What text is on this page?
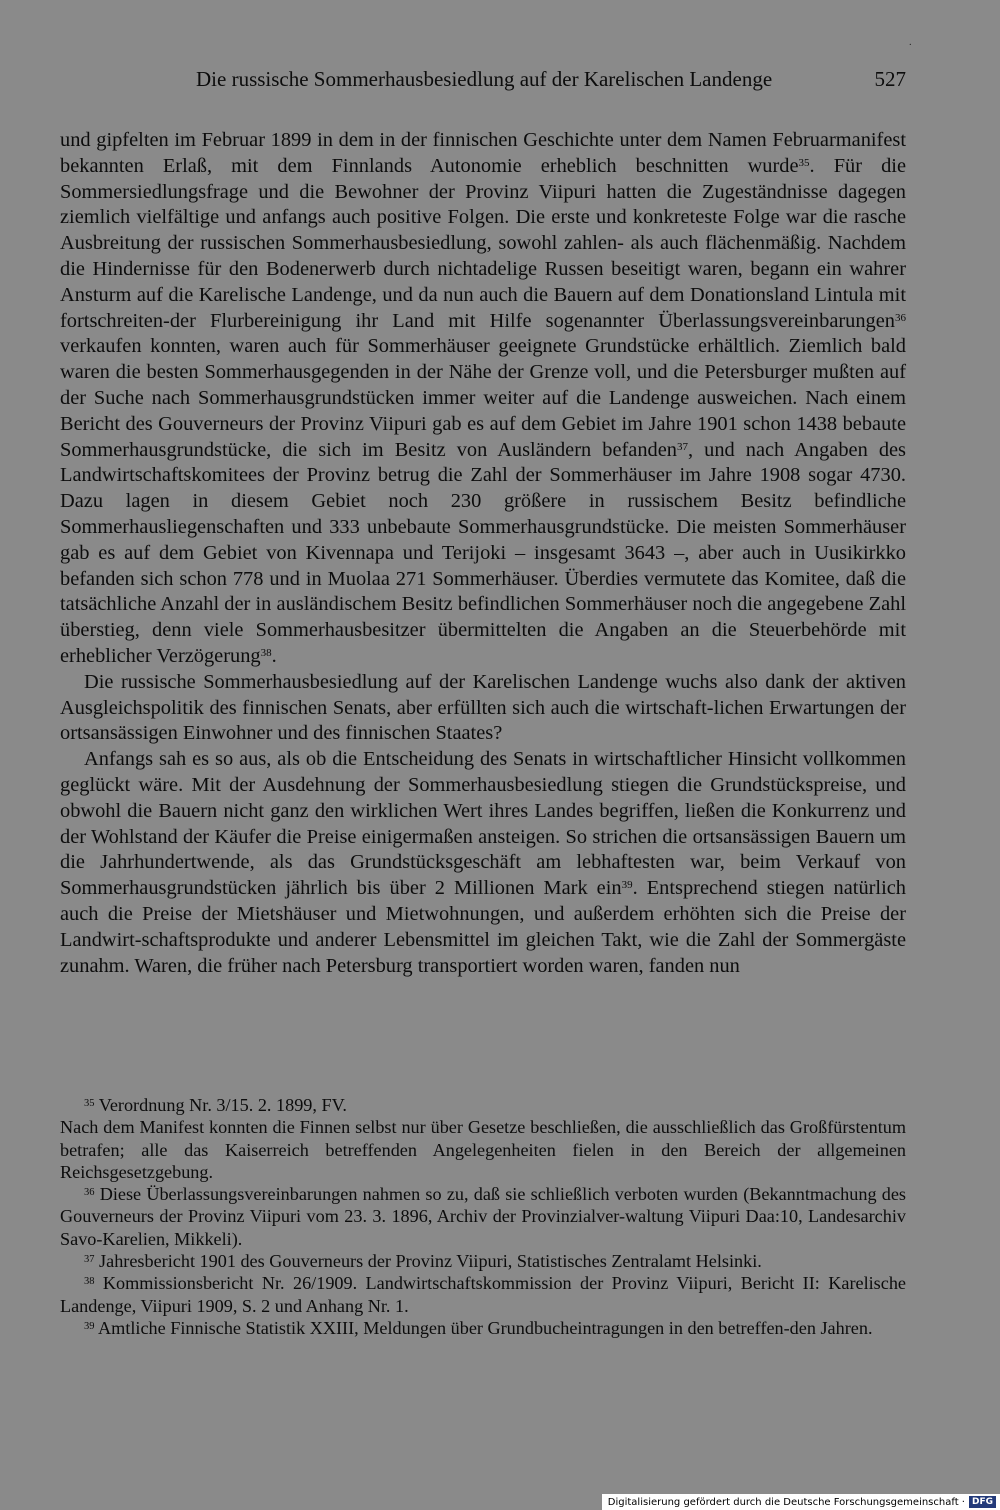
·
Die russische Sommerhausbesiedlung auf der Karelischen Landenge	527

und gipfelten im Februar 1899 in dem in der finnischen Geschichte unter dem Namen Februarmanifest bekannten Erlaß, mit dem Finnlands Autonomie erheblich beschnitten wurde$^{35}$. Für die Sommersiedlungsfrage und die Bewohner der Provinz Viipuri hatten die Zugeständnisse dagegen ziemlich vielfältige und anfangs auch positive Folgen. Die erste und konkreteste Folge war die rasche Ausbreitung der russischen Sommerhausbesiedlung, sowohl zahlen- als auch flächenmäßig. Nachdem die Hindernisse für den Bodenerwerb durch nichtadelige Russen beseitigt waren, begann ein wahrer Ansturm auf die Karelische Landenge, und da nun auch die Bauern auf dem Donationsland Lintula mit fortschreiten-der Flurbereinigung ihr Land mit Hilfe sogenannter Überlassungsvereinbarungen$^{36}$ verkaufen konnten, waren auch für Sommerhäuser geeignete Grundstücke erhältlich. Ziemlich bald waren die besten Sommerhausgegenden in der Nähe der Grenze voll, und die Petersburger mußten auf der Suche nach Sommerhausgrundstücken immer weiter auf die Landenge ausweichen. Nach einem Bericht des Gouverneurs der Provinz Viipuri gab es auf dem Gebiet im Jahre 1901 schon 1438 bebaute Sommerhausgrundstücke, die sich im Besitz von Ausländern befanden$^{37}$, und nach Angaben des Landwirtschaftskomitees der Provinz betrug die Zahl der Sommerhäuser im Jahre 1908 sogar 4730. Dazu lagen in diesem Gebiet noch 230 größere in russischem Besitz befindliche Sommerhausliegenschaften und 333 unbebaute Sommerhausgrundstücke. Die meisten Sommerhäuser gab es auf dem Gebiet von Kivennapa und Terijoki – insgesamt 3643 –, aber auch in Uusikirkko befanden sich schon 778 und in Muolaa 271 Sommerhäuser. Überdies vermutete das Komitee, daß die tatsächliche Anzahl der in ausländischem Besitz befindlichen Sommerhäuser noch die angegebene Zahl überstieg, denn viele Sommerhausbesitzer übermittelten die Angaben an die Steuerbehörde mit erheblicher Verzögerung$^{38}$.

Die russische Sommerhausbesiedlung auf der Karelischen Landenge wuchs also dank der aktiven Ausgleichspolitik des finnischen Senats, aber erfüllten sich auch die wirtschaft-lichen Erwartungen der ortsansässigen Einwohner und des finnischen Staates?

Anfangs sah es so aus, als ob die Entscheidung des Senats in wirtschaftlicher Hinsicht vollkommen geglückt wäre. Mit der Ausdehnung der Sommerhausbesiedlung stiegen die Grundstückspreise, und obwohl die Bauern nicht ganz den wirklichen Wert ihres Landes begriffen, ließen die Konkurrenz und der Wohlstand der Käufer die Preise einigermaßen ansteigen. So strichen die ortsansässigen Bauern um die Jahrhundertwende, als das Grundstücksgeschäft am lebhaftesten war, beim Verkauf von Sommerhausgrundstücken jährlich bis über 2 Millionen Mark ein$^{39}$. Entsprechend stiegen natürlich auch die Preise der Mietshäuser und Mietwohnungen, und außerdem erhöhten sich die Preise der Landwirt-schaftsprodukte und anderer Lebensmittel im gleichen Takt, wie die Zahl der Sommergäste zunahm. Waren, die früher nach Petersburg transportiert worden waren, fanden nun

$^{35}$ Verordnung Nr. 3/15. 2. 1899, FV.

Nach dem Manifest konnten die Finnen selbst nur über Gesetze beschließen, die ausschließlich das Großfürstentum betrafen; alle das Kaiserreich betreffenden Angelegenheiten fielen in den Bereich der allgemeinen Reichsgesetzgebung.

$^{36}$ Diese Überlassungsvereinbarungen nahmen so zu, daß sie schließlich verboten wurden (Bekanntmachung des Gouverneurs der Provinz Viipuri vom 23. 3. 1896, Archiv der Provinzialver-waltung Viipuri Daa:10, Landesarchiv Savo-Karelien, Mikkeli).

$^{37}$ Jahresbericht 1901 des Gouverneurs der Provinz Viipuri, Statistisches Zentralamt Helsinki.

$^{38}$ Kommissionsbericht Nr. 26/1909. Landwirtschaftskommission der Provinz Viipuri, Bericht II: Karelische Landenge, Viipuri 1909, S. 2 und Anhang Nr. 1.

$^{39}$ Amtliche Finnische Statistik XXIII, Meldungen über Grundbucheintragungen in den betreffen-den Jahren.

Digitalisierung gefördert durch die Deutsche Forschungsgemeinschaft · DFG
